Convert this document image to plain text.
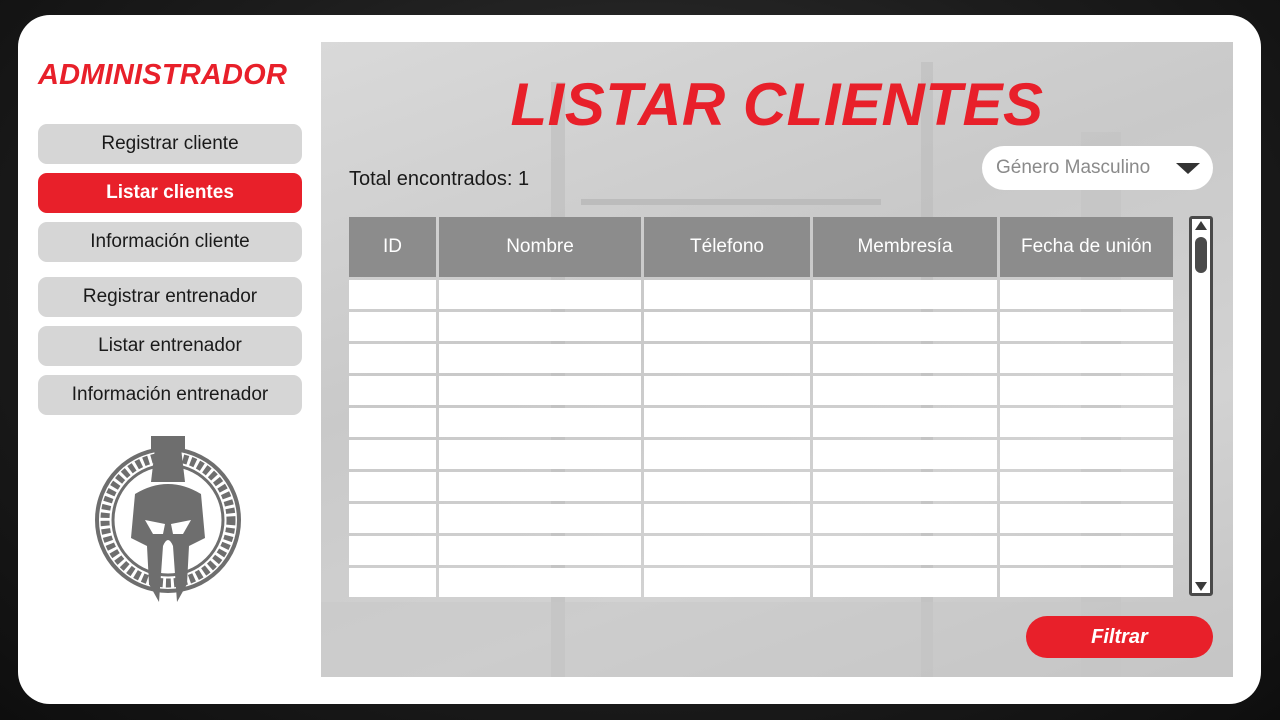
ADMINISTRADOR
Registrar cliente
Listar clientes
Información cliente
Registrar entrenador
Listar entrenador
Información entrenador
LISTAR CLIENTES
Total encontrados: 1
Género Masculino
ID	Nombre	Télefono	Membresía	Fecha de unión

Filtrar
